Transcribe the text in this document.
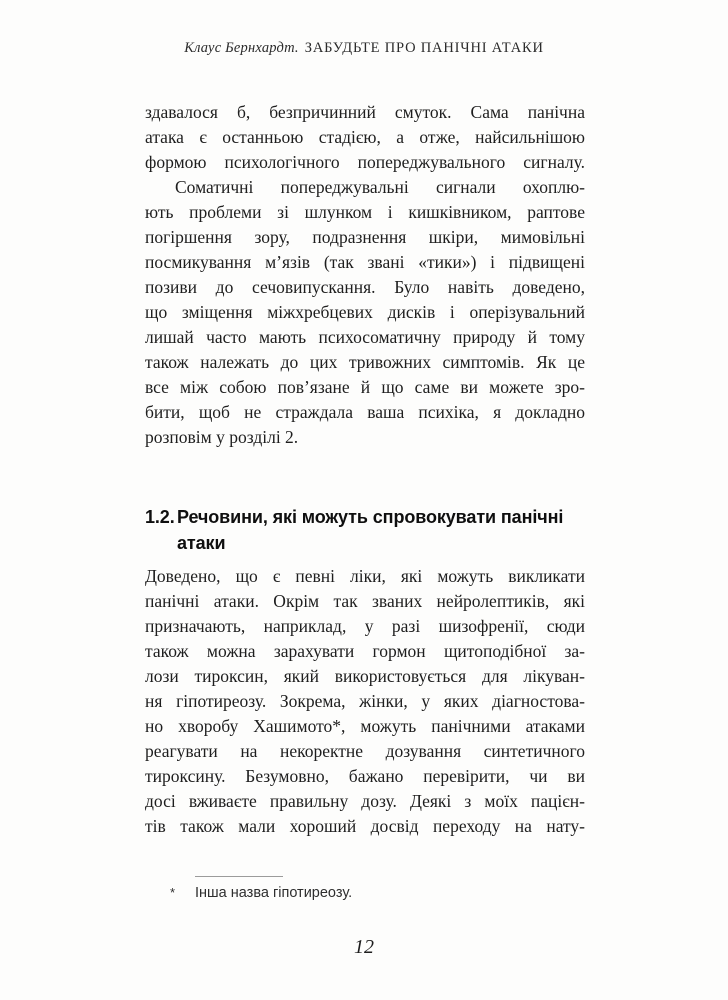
Клаус Бернхардт. ЗАБУДЬТЕ ПРО ПАНІЧНІ АТАКИ

здавалося б, безпричинний смуток. Сама панічна
атака є останньою стадією, а отже, найсильнішою
формою психологічного попереджувального сигналу.

Соматичні попереджувальні сигнали охоплю-
ють проблеми зі шлунком і кишківником, раптове
погіршення зору, подразнення шкіри, мимовільні
посмикування м’язів (так звані «тики») і підвищені
позиви до сечовипускання. Було навіть доведено,
що зміщення міжхребцевих дисків і оперізувальний
лишай часто мають психосоматичну природу й тому
також належать до цих тривожних симптомів. Як це
все між собою пов’язане й що саме ви можете зро-
бити, щоб не страждала ваша психіка, я докладно
розповім у розділі 2.

1.2. Речовини, які можуть спровокувати панічні
атаки

Доведено, що є певні ліки, які можуть викликати
панічні атаки. Окрім так званих нейролептиків, які
призначають, наприклад, у разі шизофренії, сюди
також можна зарахувати гормон щитоподібної за-
лози тироксин, який використовується для лікуван-
ня гіпотиреозу. Зокрема, жінки, у яких діагностова-
но хворобу Хашимото*, можуть панічними атаками
реагувати на некоректне дозування синтетичного
тироксину. Безумовно, бажано перевірити, чи ви
досі вживаєте правильну дозу. Деякі з моїх пацієн-
тів також мали хороший досвід переходу на нату-

*	Інша назва гіпотиреозу.
12
